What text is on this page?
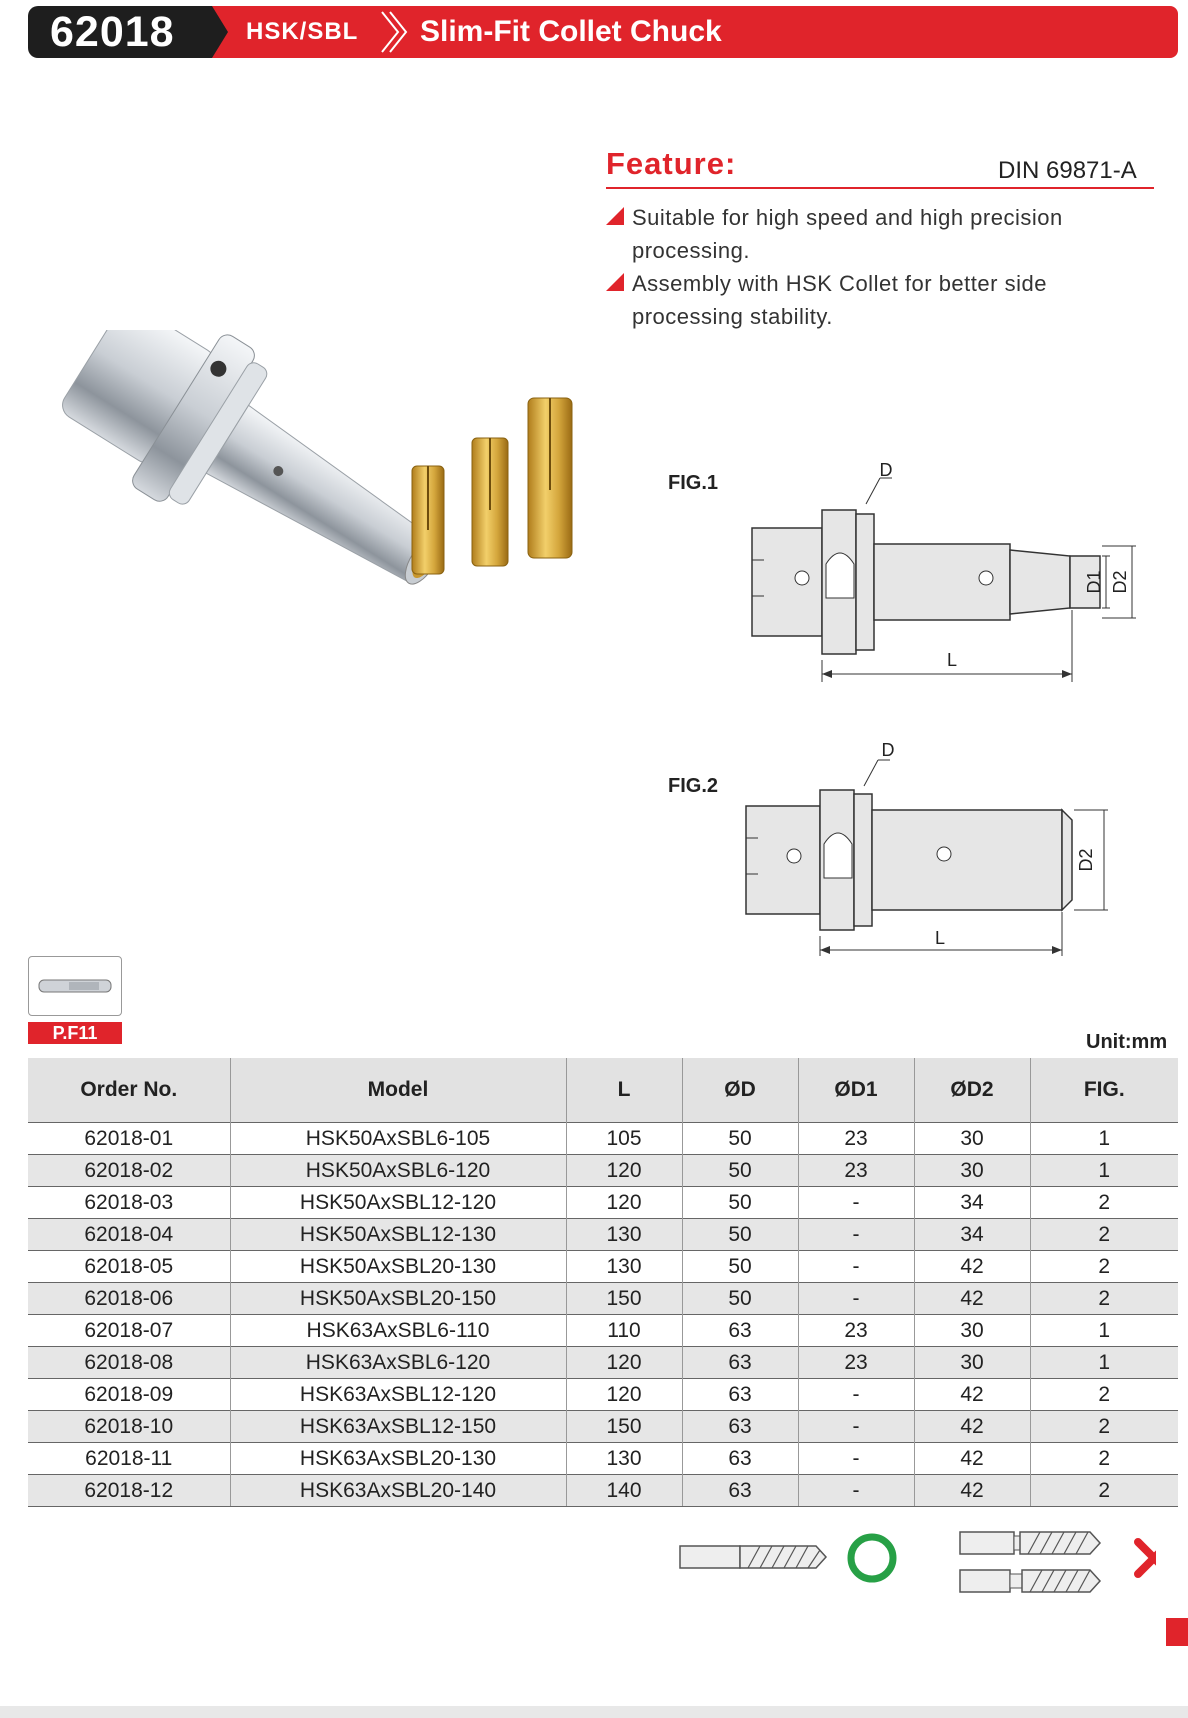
62018	HSK/SBL Slim-Fit Collet Chuck
Feature:	DIN 69871-A
Suitable for high speed and high precision processing.
Assembly with HSK Collet for better side processing stability.
FIG.1
L
D
D1 D2
FIG.2
L
D
D2
P.F11	Unit:mm
Order No.	Model	L	ØD	ØD1	ØD2	FIG.
62018-01	HSK50AxSBL6-105	105	50	23	30	1
62018-02	HSK50AxSBL6-120	120	50	23	30	1
62018-03	HSK50AxSBL12-120	120	50	-	34	2
62018-04	HSK50AxSBL12-130	130	50	-	34	2
62018-05	HSK50AxSBL20-130	130	50	-	42	2
62018-06	HSK50AxSBL20-150	150	50	-	42	2
62018-07	HSK63AxSBL6-110	110	63	23	30	1
62018-08	HSK63AxSBL6-120	120	63	23	30	1
62018-09	HSK63AxSBL12-120	120	63	-	42	2
62018-10	HSK63AxSBL12-150	150	63	-	42	2
62018-11	HSK63AxSBL20-130	130	63	-	42	2
62018-12	HSK63AxSBL20-140	140	63	-	42	2
